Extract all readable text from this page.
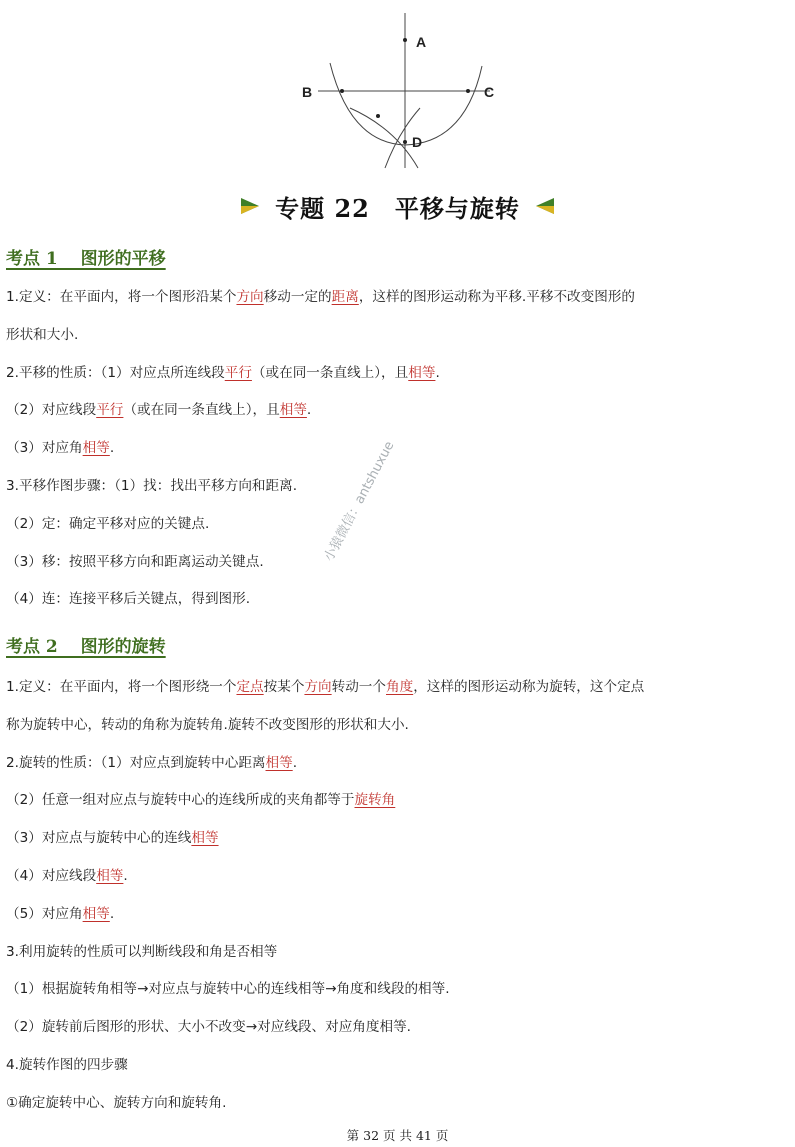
A
B	C
D
专题 22　平移与旋转
考点 1　 图形的平移
1.定义：在平面内，将一个图形沿某个方向移动一定的距离，这样的图形运动称为平移.平移不改变图形的
形状和大小.
2.平移的性质：（1）对应点所连线段平行（或在同一条直线上），且相等.
（2）对应线段平行（或在同一条直线上），且相等.
（3）对应角相等.
3.平移作图步骤：（1）找：找出平移方向和距离.
（2）定：确定平移对应的关键点.
（3）移：按照平移方向和距离运动关键点.
（4）连：连接平移后关键点，得到图形.
考点 2　 图形的旋转
1.定义：在平面内，将一个图形绕一个定点按某个方向转动一个角度，这样的图形运动称为旋转，这个定点
称为旋转中心，转动的角称为旋转角.旋转不改变图形的形状和大小.
2.旋转的性质：（1）对应点到旋转中心距离相等.
（2）任意一组对应点与旋转中心的连线所成的夹角都等于旋转角
（3）对应点与旋转中心的连线相等
（4）对应线段相等.
（5）对应角相等.
3.利用旋转的性质可以判断线段和角是否相等
（1）根据旋转角相等→对应点与旋转中心的连线相等→角度和线段的相等.
（2）旋转前后图形的形状、大小不改变→对应线段、对应角度相等.
4.旋转作图的四步骤
①确定旋转中心、旋转方向和旋转角.
小猿微信：antshuxue
第 32 页 共 41 页
